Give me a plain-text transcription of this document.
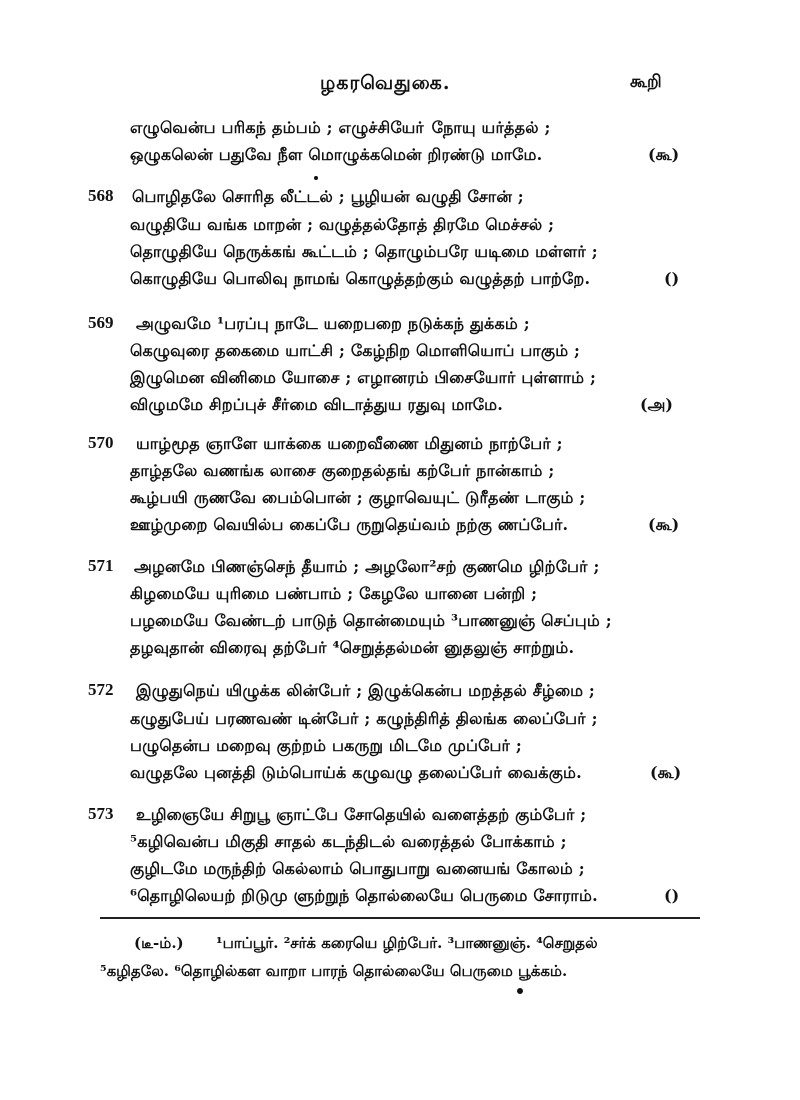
ழகரவெதுகை.	கூறி
எழுவென்ப பரிகந் தம்பம் ; எழுச்சியோ் நோயு யர்த்தல் ;
ஒழுகலென் பதுவே நீள மொழுக்கமென் றிரண்டு மாமே.	(கூ)
568 பொழிதலே சொரித லீட்டல் ; பூழியன் வழுதி சோன் ;
வழுதியே வங்க மாறன் ; வழுத்தல்தோத் திரமே மெச்சல் ;
தொழுதியே நெருக்கங் கூட்டம் ; தொழும்பரே யடிமை மள்ளர் ;
கொழுதியே பொலிவு நாமங் கொழுத்தற்கும் வழுத்தற் பாற்றே.	()
569 அழுவமே ¹பரப்பு நாடே யறைபறை நடுக்கந் துக்கம் ;
கெழுவுரை தகைமை யாட்சி ; கேழ்நிற மொளியொப் பாகும் ;
இழுமென வினிமை யோசை ; எழானரம் பிசையோர் புள்ளாம் ;
விழுமமே சிறப்புச் சீர்மை விடாத்துய ரதுவு மாமே.	(அ)
570 யாழ்மூத ஞாளே யாக்கை யறைவீணை மிதுனம் நாற்பேர் ;
தாழ்தலே வணங்க லாசை குறைதல்தங் கற்பேர் நான்காம் ;
கூழ்பயி ருணவே பைம்பொன் ; குழாவெயுட் டுரீதண் டாகும் ;
ஊழ்முறை வெயில்ப கைப்பே ருறுதெய்வம் நற்கு ணப்பேர்.	(கூ)
571 அழனமே பிணஞ்செந் தீயாம் ; அழலோ²சற் குணமெ ழிற்பேர் ;
கிழமையே யுரிமை பண்பாம் ; கேழலே யானை பன்றி ;
பழமையே வேண்டற் பாடுந் தொன்மையும் ³பாணனுஞ் செப்பும் ;
தழவுதான் விரைவு தற்பேர் ⁴செறுத்தல்மன் னுதலுஞ் சாற்றும்.
572 இழுதுநெய் யிழுக்க லின்பேர் ; இழுக்கென்ப மறத்தல் சீழ்மை ;
கழுதுபேய் பரணவண் டின்பேர் ; கழுந்திரித் திலங்க லைப்பேர் ;
பழுதென்ப மறைவு குற்றம் பகருறு மிடமே முப்பேர் ;
வழுதலே புனத்தி டும்பொய்க் கழுவழு தலைப்பேர் வைக்கும்.	(கூ)
573 உழிஞையே சிறுபூ ஞாட்பே சோதெயில் வளைத்தற் கும்பேர் ;
⁵கழிவென்ப மிகுதி சாதல் கடந்திடல் வரைத்தல் போக்காம் ;
குழிடமே மருந்திற் கெல்லாம் பொதுபாறு வனையங் கோலம் ;
⁶தொழிலெயற் றிடுமு ளுற்றுந் தொல்லையே பெருமை சோராம்.	()
(டீ-ம்.) ¹பாப்பூர். ²சர்க் கரையெ ழிற்பேர். ³பாணனுஞ். ⁴செறுதல்
⁵கழிதலே. ⁶தொழில்கள வாறா பாரந் தொல்லையே பெருமை பூக்கம்.
